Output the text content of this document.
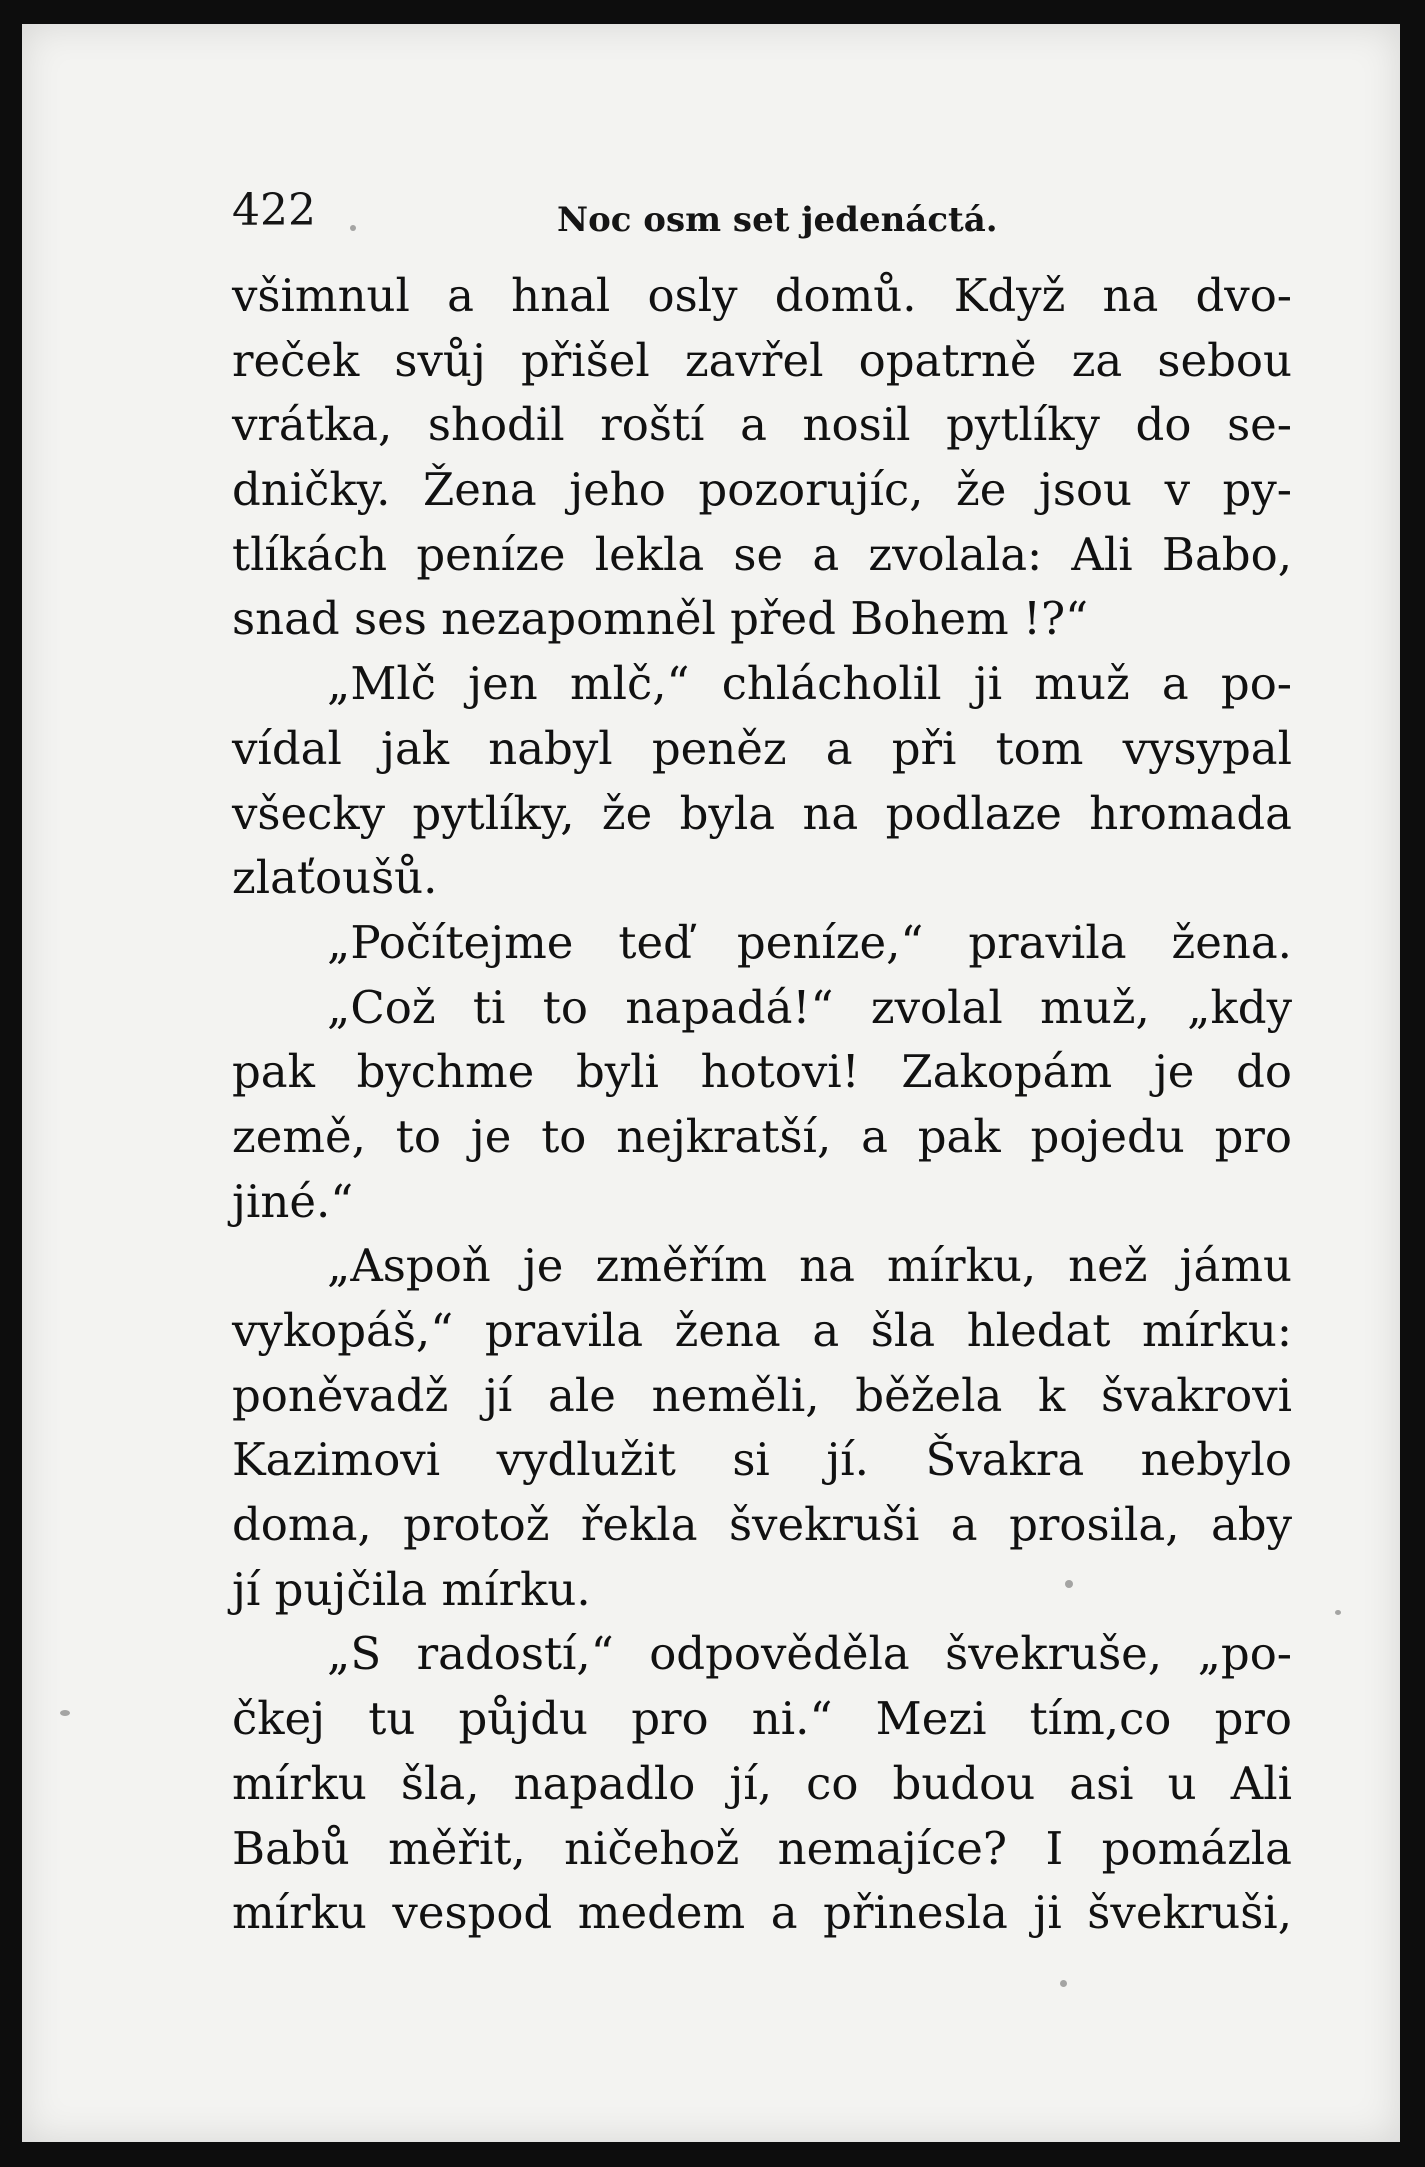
422	Noc osm set jedenáctá.
všimnul a hnal osly domů. Když na dvo-
reček svůj přišel zavřel opatrně za sebou
vrátka, shodil roští a nosil pytlíky do se-
dničky. Žena jeho pozorujíc, že jsou v py-
tlíkách peníze lekla se a zvolala: Ali Babo,
snad ses nezapomněl před Bohem !?“
„Mlč jen mlč,“ chlácholil ji muž a po-
vídal jak nabyl peněz a při tom vysypal
všecky pytlíky, že byla na podlaze hromada
zlaťoušů.
„Počítejme teď peníze,“ pravila žena.
„Což ti to napadá!“ zvolal muž, „kdy
pak bychme byli hotovi! Zakopám je do
země, to je to nejkratší, a pak pojedu pro
jiné.“
„Aspoň je změřím na mírku, než jámu
vykopáš,“ pravila žena a šla hledat mírku:
poněvadž jí ale neměli, běžela k švakrovi
Kazimovi vydlužit si jí. Švakra nebylo
doma, protož řekla švekruši a prosila, aby
jí pujčila mírku.
„S radostí,“ odpověděla švekruše, „po-
čkej tu půjdu pro ni.“ Mezi tím,co pro
mírku šla, napadlo jí, co budou asi u Ali
Babů měřit, ničehož nemajíce? I pomázla
mírku vespod medem a přinesla ji švekruši,
